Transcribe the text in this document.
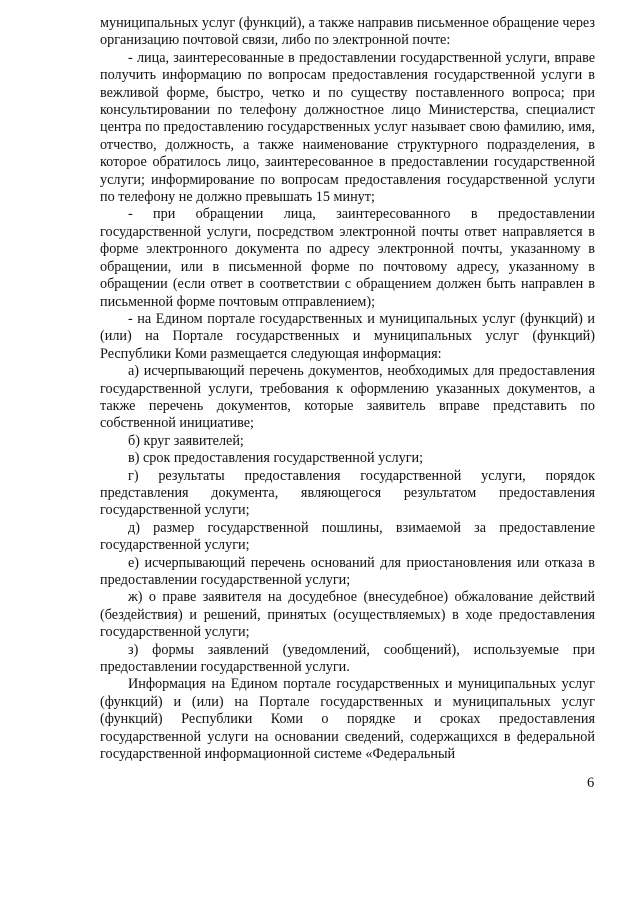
муниципальных услуг (функций), а также направив письменное обращение через организацию почтовой связи, либо по электронной почте:

- лица, заинтересованные в предоставлении государственной услуги, вправе получить информацию по вопросам предоставления государственной услуги в вежливой форме, быстро, четко и по существу поставленного вопроса; при консультировании по телефону должностное лицо Министерства, специалист центра по предоставлению государственных услуг называет свою фамилию, имя, отчество, должность, а также наименование структурного подразделения, в которое обратилось лицо, заинтересованное в предоставлении государственной услуги; информирование по вопросам предоставления государственной услуги по телефону не должно превышать 15 минут;

- при обращении лица, заинтересованного в предоставлении государственной услуги, посредством электронной почты ответ направляется в форме электронного документа по адресу электронной почты, указанному в обращении, или в письменной форме по почтовому адресу, указанному в обращении (если ответ в соответствии с обращением должен быть направлен в письменной форме почтовым отправлением);

- на Едином портале государственных и муниципальных услуг (функций) и (или) на Портале государственных и муниципальных услуг (функций) Республики Коми размещается следующая информация:

а) исчерпывающий перечень документов, необходимых для предоставления государственной услуги, требования к оформлению указанных документов, а также перечень документов, которые заявитель вправе представить по собственной инициативе;

б) круг заявителей;

в) срок предоставления государственной услуги;

г) результаты предоставления государственной услуги, порядок представления документа, являющегося результатом предоставления государственной услуги;

д) размер государственной пошлины, взимаемой за предоставление государственной услуги;

е) исчерпывающий перечень оснований для приостановления или отказа в предоставлении государственной услуги;

ж) о праве заявителя на досудебное (внесудебное) обжалование действий (бездействия) и решений, принятых (осуществляемых) в ходе предоставления государственной услуги;

з) формы заявлений (уведомлений, сообщений), используемые при предоставлении государственной услуги.

Информация на Едином портале государственных и муниципальных услуг (функций) и (или) на Портале государственных и муниципальных услуг (функций) Республики Коми о порядке и сроках предоставления государственной услуги на основании сведений, содержащихся в федеральной государственной информационной системе «Федеральный

6
